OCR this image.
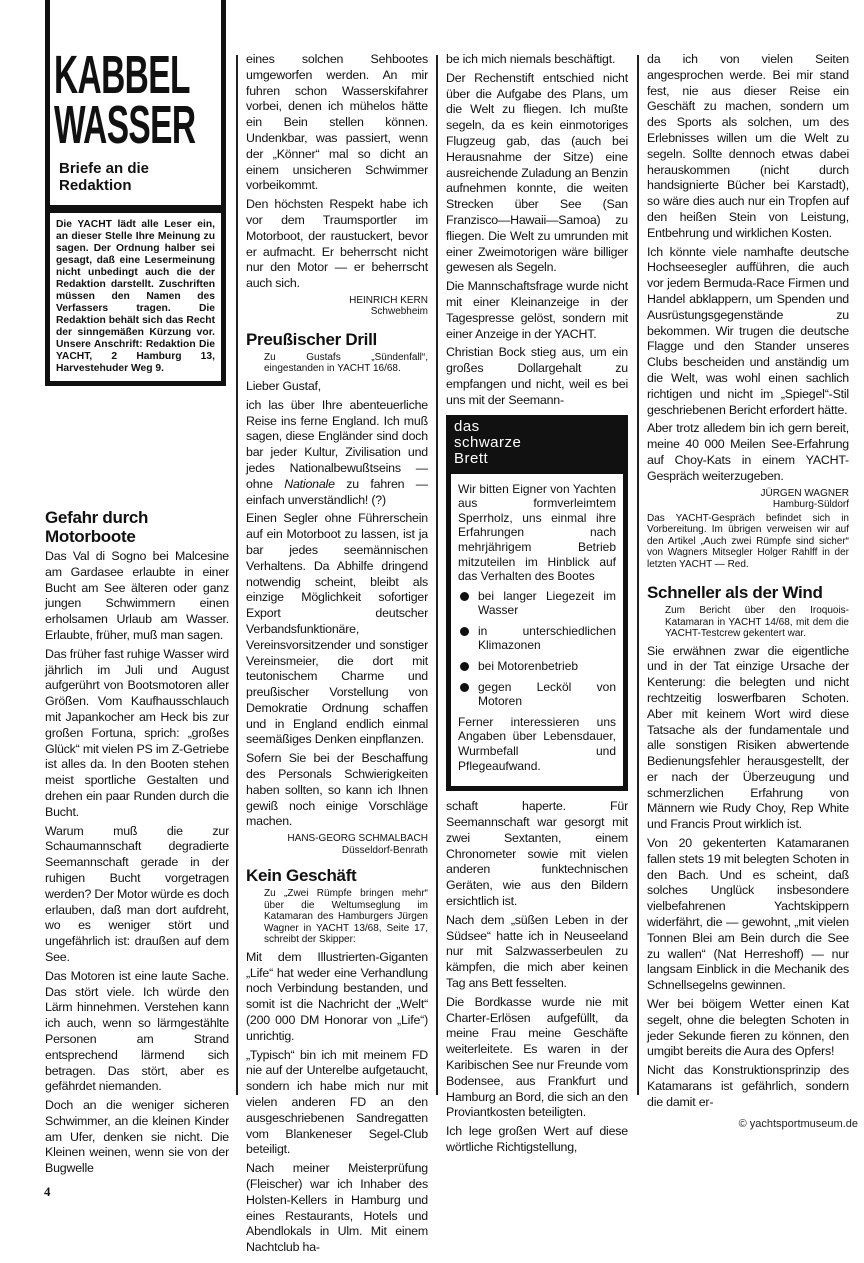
KABBEL
WASSER
Briefe an die Redaktion
Die YACHT lädt alle Leser ein, an dieser Stelle Ihre Meinung zu sagen. Der Ordnung halber sei gesagt, daß eine Lesermeinung nicht unbedingt auch die der Redaktion darstellt. Zuschriften müssen den Namen des Verfassers tragen. Die Redaktion behält sich das Recht der sinngemäßen Kürzung vor. Unsere Anschrift: Redaktion Die YACHT, 2 Hamburg 13, Harvestehuder Weg 9.
Gefahr durch Motorboote

Das Val di Sogno bei Malcesine am Gardasee erlaubte in einer Bucht am See älteren oder ganz jungen Schwimmern einen erholsamen Urlaub am Wasser. Erlaubte, früher, muß man sagen.

Das früher fast ruhige Wasser wird jährlich im Juli und August aufgerührt von Bootsmotoren aller Größen. Vom Kaufhausschlauch mit Japankocher am Heck bis zur großen Fortuna, sprich: „großes Glück“ mit vielen PS im Z-Getriebe ist alles da. In den Booten stehen meist sportliche Gestalten und drehen ein paar Runden durch die Bucht.

Warum muß die zur Schaumannschaft degradierte Seemannschaft gerade in der ruhigen Bucht vorgetragen werden? Der Motor würde es doch erlauben, daß man dort aufdreht, wo es weniger stört und ungefährlich ist: draußen auf dem See.

Das Motoren ist eine laute Sache. Das stört viele. Ich würde den Lärm hinnehmen. Verstehen kann ich auch, wenn so lärmgestählte Personen am Strand entsprechend lärmend sich betragen. Das stört, aber es gefährdet niemanden.

Doch an die weniger sicheren Schwimmer, an die kleinen Kinder am Ufer, denken sie nicht. Die Kleinen weinen, wenn sie von der Bugwelle

eines solchen Sehbootes umgeworfen werden. An mir fuhren schon Wasserskifahrer vorbei, denen ich mühelos hätte ein Bein stellen können. Undenkbar, was passiert, wenn der „Könner“ mal so dicht an einem unsicheren Schwimmer vorbeikommt.

Den höchsten Respekt habe ich vor dem Traumsportler im Motorboot, der raustuckert, bevor er aufmacht. Er beherrscht nicht nur den Motor — er beherrscht auch sich.

HEINRICH KERN
Schwebheim

Preußischer Drill

Zu Gustafs „Sündenfall“, eingestanden in YACHT 16/68.

Lieber Gustaf,

ich las über Ihre abenteuerliche Reise ins ferne England. Ich muß sagen, diese Engländer sind doch bar jeder Kultur, Zivilisation und jedes Nationalbewußtseins — ohne Nationale zu fahren — einfach unverständlich! (?)

Einen Segler ohne Führerschein auf ein Motorboot zu lassen, ist ja bar jedes seemännischen Verhaltens. Da Abhilfe dringend notwendig scheint, bleibt als einzige Möglichkeit sofortiger Export deutscher Verbandsfunktionäre, Vereinsvorsitzender und sonstiger Vereinsmeier, die dort mit teutonischem Charme und preußischer Vorstellung von Demokratie Ordnung schaffen und in England endlich einmal seemäßiges Denken einpflanzen.

Sofern Sie bei der Beschaffung des Personals Schwierigkeiten haben sollten, so kann ich Ihnen gewiß noch einige Vorschläge machen.

HANS-GEORG SCHMALBACH
Düsseldorf-Benrath

Kein Geschäft

Zu „Zwei Rümpfe bringen mehr“ über die Weltumseglung im Katamaran des Hamburgers Jürgen Wagner in YACHT 13/68, Seite 17, schreibt der Skipper:

Mit dem Illustrierten-Giganten „Life“ hat weder eine Verhandlung noch Verbindung bestanden, und somit ist die Nachricht der „Welt“ (200 000 DM Honorar von „Life“) unrichtig.

„Typisch“ bin ich mit meinem FD nie auf der Unterelbe aufgetaucht, sondern ich habe mich nur mit vielen anderen FD an den ausgeschriebenen Sandregatten vom Blankeneser Segel-Club beteiligt.

Nach meiner Meisterprüfung (Fleischer) war ich Inhaber des Holsten-Kellers in Hamburg und eines Restaurants, Hotels und Abendlokals in Ulm. Mit einem Nachtclub ha-

be ich mich niemals beschäftigt.

Der Rechenstift entschied nicht über die Aufgabe des Plans, um die Welt zu fliegen. Ich mußte segeln, da es kein einmotoriges Flugzeug gab, das (auch bei Herausnahme der Sitze) eine ausreichende Zuladung an Benzin aufnehmen konnte, die weiten Strecken über See (San Franzisco—Hawaii—Samoa) zu fliegen. Die Welt zu umrunden mit einer Zweimotorigen wäre billiger gewesen als Segeln.

Die Mannschaftsfrage wurde nicht mit einer Kleinanzeige in der Tagespresse gelöst, sondern mit einer Anzeige in der YACHT.

Christian Bock stieg aus, um ein großes Dollargehalt zu empfangen und nicht, weil es bei uns mit der Seemann-

das
schwarze
Brett

Wir bitten Eigner von Yachten aus formverleimtem Sperrholz, uns einmal ihre Erfahrungen nach mehrjährigem Betrieb mitzuteilen im Hinblick auf das Verhalten des Bootes

bei langer Liegezeit im Wasser
in unterschiedlichen Klimazonen
bei Motorenbetrieb
gegen Lecköl von Motoren

Ferner interessieren uns Angaben über Lebensdauer, Wurmbefall und Pflegeaufwand.

schaft haperte. Für Seemannschaft war gesorgt mit zwei Sextanten, einem Chronometer sowie mit vielen anderen funktechnischen Geräten, wie aus den Bildern ersichtlich ist.

Nach dem „süßen Leben in der Südsee“ hatte ich in Neuseeland nur mit Salzwasserbeulen zu kämpfen, die mich aber keinen Tag ans Bett fesselten.

Die Bordkasse wurde nie mit Charter-Erlösen aufgefüllt, da meine Frau meine Geschäfte weiterleitete. Es waren in der Karibischen See nur Freunde vom Bodensee, aus Frankfurt und Hamburg an Bord, die sich an den Proviantkosten beteiligten.

Ich lege großen Wert auf diese wörtliche Richtigstellung,

da ich von vielen Seiten angesprochen werde. Bei mir stand fest, nie aus dieser Reise ein Geschäft zu machen, sondern um des Sports als solchen, um des Erlebnisses willen um die Welt zu segeln. Sollte dennoch etwas dabei herauskommen (nicht durch handsignierte Bücher bei Karstadt), so wäre dies auch nur ein Tropfen auf den heißen Stein von Leistung, Entbehrung und wirklichen Kosten.

Ich könnte viele namhafte deutsche Hochseesegler aufführen, die auch vor jedem Bermuda-Race Firmen und Handel abklappern, um Spenden und Ausrüstungsgegenstände zu bekommen. Wir trugen die deutsche Flagge und den Stander unseres Clubs bescheiden und anständig um die Welt, was wohl einen sachlich richtigen und nicht im „Spiegel“-Stil geschriebenen Bericht erfordert hätte.

Aber trotz alledem bin ich gern bereit, meine 40 000 Meilen See-Erfahrung auf Choy-Kats in einem YACHT-Gespräch weiterzugeben.

JÜRGEN WAGNER
Hamburg-Süldorf

Das YACHT-Gespräch befindet sich in Vorbereitung. Im übrigen verweisen wir auf den Artikel „Auch zwei Rümpfe sind sicher“ von Wagners Mitsegler Holger Rahlff in der letzten YACHT — Red.

Schneller als der Wind

Zum Bericht über den Iroquois-Katamaran in YACHT 14/68, mit dem die YACHT-Testcrew gekentert war.

Sie erwähnen zwar die eigentliche und in der Tat einzige Ursache der Kenterung: die belegten und nicht rechtzeitig loswerfbaren Schoten. Aber mit keinem Wort wird diese Tatsache als der fundamentale und alle sonstigen Risiken abwertende Bedienungsfehler herausgestellt, der er nach der Überzeugung und schmerzlichen Erfahrung von Männern wie Rudy Choy, Rep White und Francis Prout wirklich ist.

Von 20 gekenterten Katamaranen fallen stets 19 mit belegten Schoten in den Bach. Und es scheint, daß solches Unglück insbesondere vielbefahrenen Yachtskippern widerfährt, die — gewohnt, „mit vielen Tonnen Blei am Bein durch die See zu wallen“ (Nat Herreshoff) — nur langsam Einblick in die Mechanik des Schnellsegelns gewinnen.

Wer bei böigem Wetter einen Kat segelt, ohne die belegten Schoten in jeder Sekunde fieren zu können, den umgibt bereits die Aura des Opfers!

Nicht das Konstruktionsprinzip des Katamarans ist gefährlich, sondern die damit er-

4
© yachtsportmuseum.de
